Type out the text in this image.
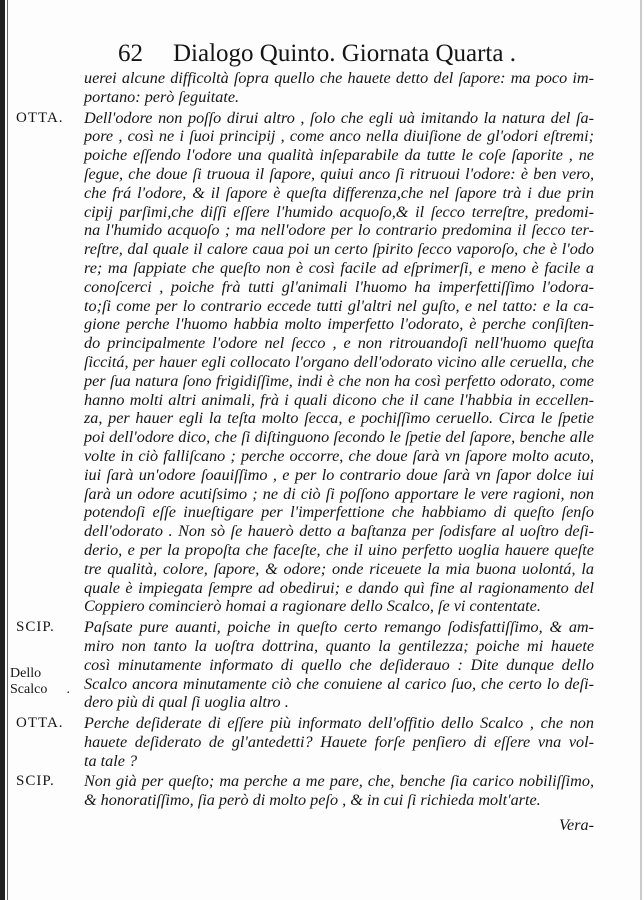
62 Dialogo Quinto. Giornata Quarta .
uerei alcune difficoltà ſopra quello che hauete detto del ſapore: ma poco im-
portano: però ſeguitate.
OTTA. Dell'odore non poſſo dirui altro , ſolo che egli uà imitando la natura del ſa-
pore , così ne i ſuoi principij , come anco nella diuiſione de gl'odori eſtremi;
poiche eſſendo l'odore una qualità inſeparabile da tutte le coſe ſaporite , ne
ſegue, che doue ſi truoua il ſapore, quiui anco ſi ritruoui l'odore: è ben vero,
che frá l'odore, & il ſapore è queſta differenza,che nel ſapore trà i due prin
cipij parſimi,che diſſi eſſere l'humido acquoſo,& il ſecco terreſtre, predomi-
na l'humido acquoſo ; ma nell'odore per lo contrario predomina il ſecco ter-
reſtre, dal quale il calore caua poi un certo ſpirito ſecco vaporoſo, che è l'odo
re; ma ſappiate che queſto non è così facile ad eſprimerſi, e meno è facile a
conoſcerci , poiche frà tutti gl'animali l'huomo ha imperfettiſſimo l'odora-
to;ſi come per lo contrario eccede tutti gl'altri nel guſto, e nel tatto: e la ca-
gione perche l'huomo habbia molto imperfetto l'odorato, è perche conſiſten-
do principalmente l'odore nel ſecco , e non ritrouandoſi nell'huomo queſta
ſiccitá, per hauer egli collocato l'organo dell'odorato vicino alle ceruella, che
per ſua natura ſono frigidiſſime, indi è che non ha così perfetto odorato, come
hanno molti altri animali, frà i quali dicono che il cane l'habbia in eccellen-
za, per hauer egli la teſta molto ſecca, e pochiſſimo ceruello. Circa le ſpetie
poi dell'odore dico, che ſi diſtinguono ſecondo le ſpetie del ſapore, benche alle
volte in ciò falliſcano ; perche occorre, che doue ſarà vn ſapore molto acuto,
iui ſarà un'odore ſoauiſſimo , e per lo contrario doue ſarà vn ſapor dolce iui
ſarà un odore acutiſsimo ; ne di ciò ſi poſſono apportare le vere ragioni, non
potendoſi eſſe inueſtigare per l'imperfettione che habbiamo di queſto ſenſo
dell'odorato . Non sò ſe hauerò detto a baſtanza per ſodisfare al uoſtro deſi-
derio, e per la propoſta che faceſte, che il uino perfetto uoglia hauere queſte
tre qualità, colore, ſapore, & odore; onde riceuete la mia buona uolontá, la
quale è impiegata ſempre ad obedirui; e dando quì fine al ragionamento del
Coppiero comincierò homai a ragionare dello Scalco, ſe vi contentate.
SCIP. Paſsate pure auanti, poiche in queſto certo remango ſodisfattiſſimo, & am-
miro non tanto la uoſtra dottrina, quanto la gentilezza; poiche mi hauete
così minutamente informato di quello che deſiderauo : Dite dunque dello
Dello
Scalco . Scalco ancora minutamente ciò che conuiene al carico ſuo, che certo lo deſi-
dero più di qual ſi uoglia altro .
OTTA. Perche deſiderate di eſſere più informato dell'offitio dello Scalco , che non
hauete deſiderato de gl'antedetti? Hauete forſe penſiero di eſſere vna vol-
ta tale ?
SCIP. Non già per queſto; ma perche a me pare, che, benche ſia carico nobiliſſimo,
& honoratiſſimo, ſia però di molto peſo , & in cui ſi richieda molt'arte.
Vera-
